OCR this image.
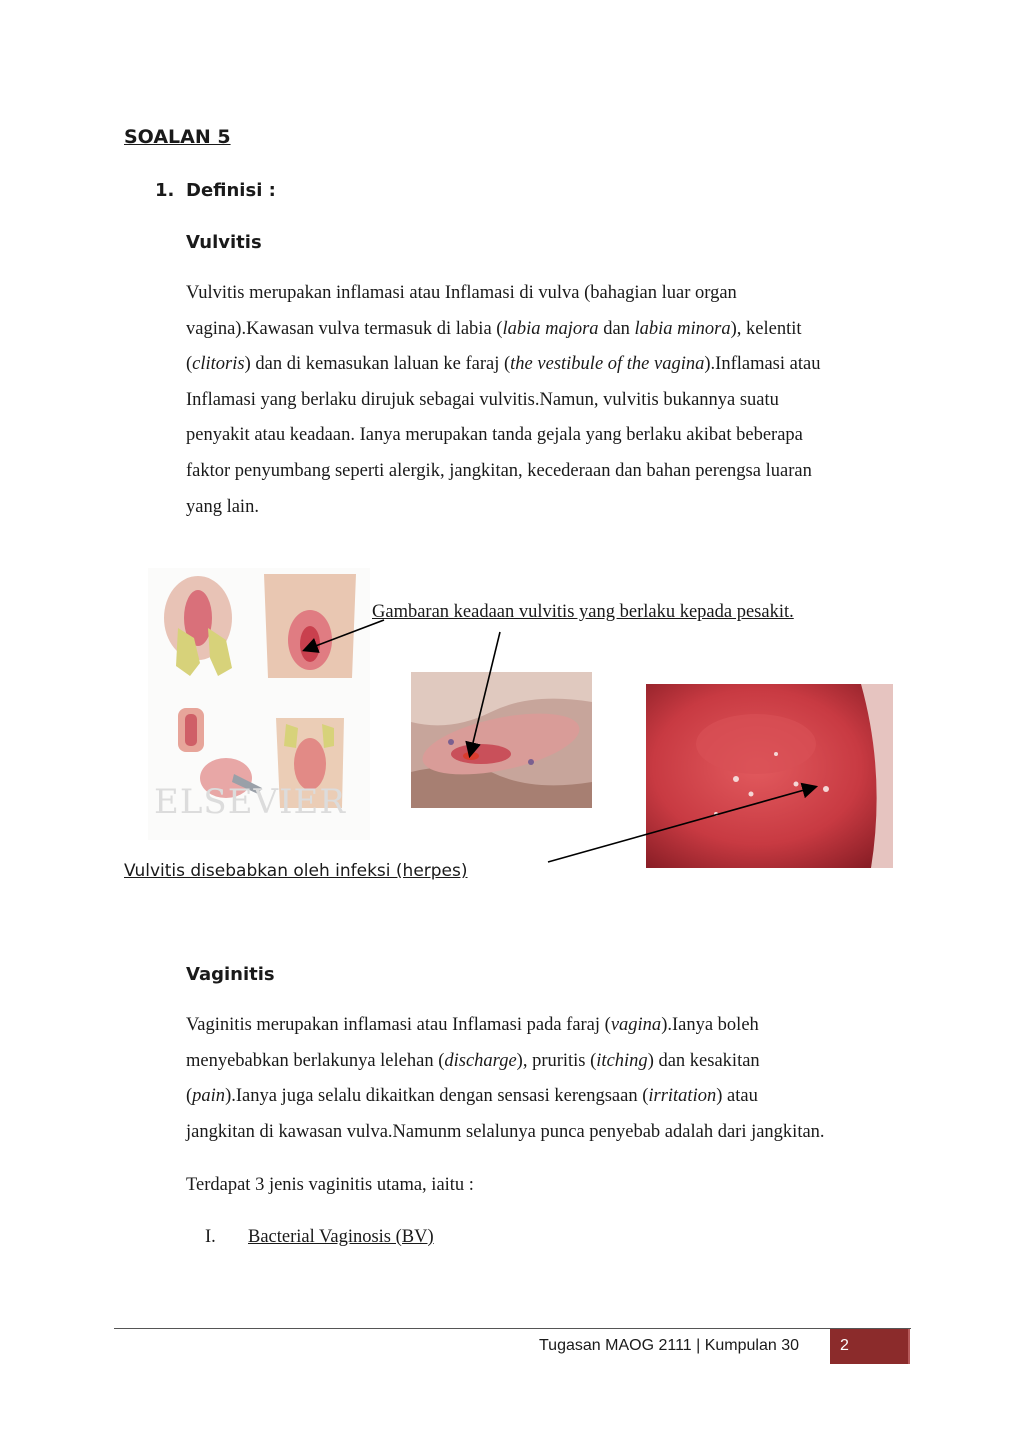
SOALAN 5
1. Definisi :
Vulvitis

Vulvitis merupakan inflamasi atau Inflamasi di vulva (bahagian luar organ

vagina).Kawasan vulva termasuk di labia (labia majora dan labia minora), kelentit

(clitoris) dan di kemasukan laluan ke faraj (the vestibule of the vagina).Inflamasi atau

Inflamasi yang berlaku dirujuk sebagai vulvitis.Namun, vulvitis bukannya suatu

penyakit atau keadaan. Ianya merupakan tanda gejala yang berlaku akibat beberapa

faktor penyumbang seperti alergik, jangkitan, kecederaan dan bahan perengsa luaran

yang lain.

ELSEVIER
Gambaran keadaan vulvitis yang berlaku kepada pesakit.
Vulvitis disebabkan oleh infeksi (herpes)
Vaginitis

Vaginitis merupakan inflamasi atau Inflamasi pada faraj (vagina).Ianya boleh

menyebabkan berlakunya lelehan (discharge), pruritis (itching) dan kesakitan

(pain).Ianya juga selalu dikaitkan dengan sensasi kerengsaan (irritation) atau

jangkitan di kawasan vulva.Namunm selalunya punca penyebab adalah dari jangkitan.

Terdapat 3 jenis vaginitis utama, iaitu :
I. Bacterial Vaginosis (BV)
Tugasan MAOG 2111 | Kumpulan 30	2
